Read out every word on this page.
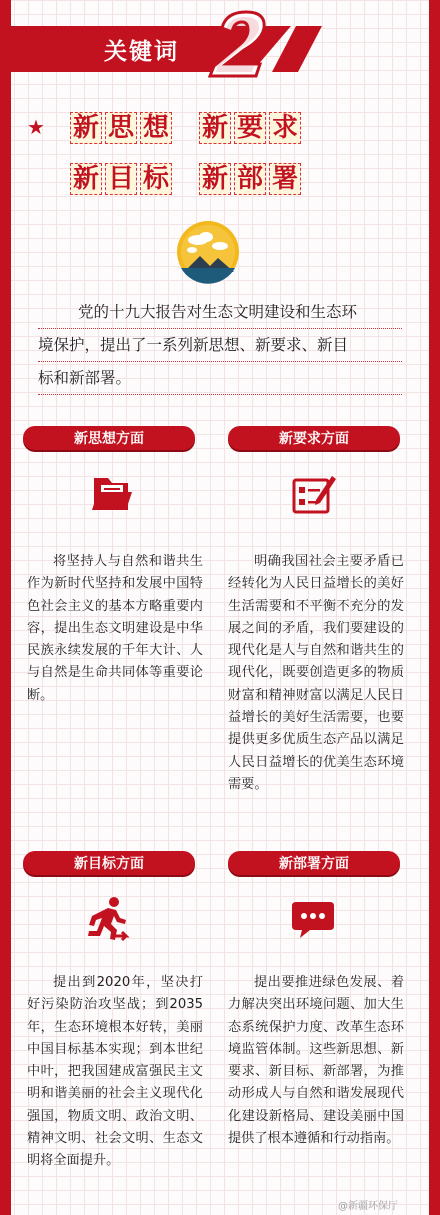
关键词
★ 新 思 想 新 要 求
新 目 标 新 部 署
党的十九大报告对生态文明建设和生态环
境保护，提出了一系列新思想、新要求、新目
标和新部署。
新思想方面
将坚持人与自然和谐共生作为新时代坚持和发展中国特色社会主义的基本方略重要内容，提出生态文明建设是中华民族永续发展的千年大计、人与自然是生命共同体等重要论断。
新要求方面
明确我国社会主要矛盾已经转化为人民日益增长的美好生活需要和不平衡不充分的发展之间的矛盾，我们要建设的现代化是人与自然和谐共生的现代化，既要创造更多的物质财富和精神财富以满足人民日益增长的美好生活需要，也要提供更多优质生态产品以满足人民日益增长的优美生态环境需要。
新目标方面
提出到2020年，坚决打好污染防治攻坚战；到2035年，生态环境根本好转，美丽中国目标基本实现；到本世纪中叶，把我国建成富强民主文明和谐美丽的社会主义现代化强国，物质文明、政治文明、精神文明、社会文明、生态文明将全面提升。
新部署方面
提出要推进绿色发展、着力解决突出环境问题、加大生态系统保护力度、改革生态环境监管体制。这些新思想、新要求、新目标、新部署，为推动形成人与自然和谐发展现代化建设新格局、建设美丽中国提供了根本遵循和行动指南。
@新疆环保厅
